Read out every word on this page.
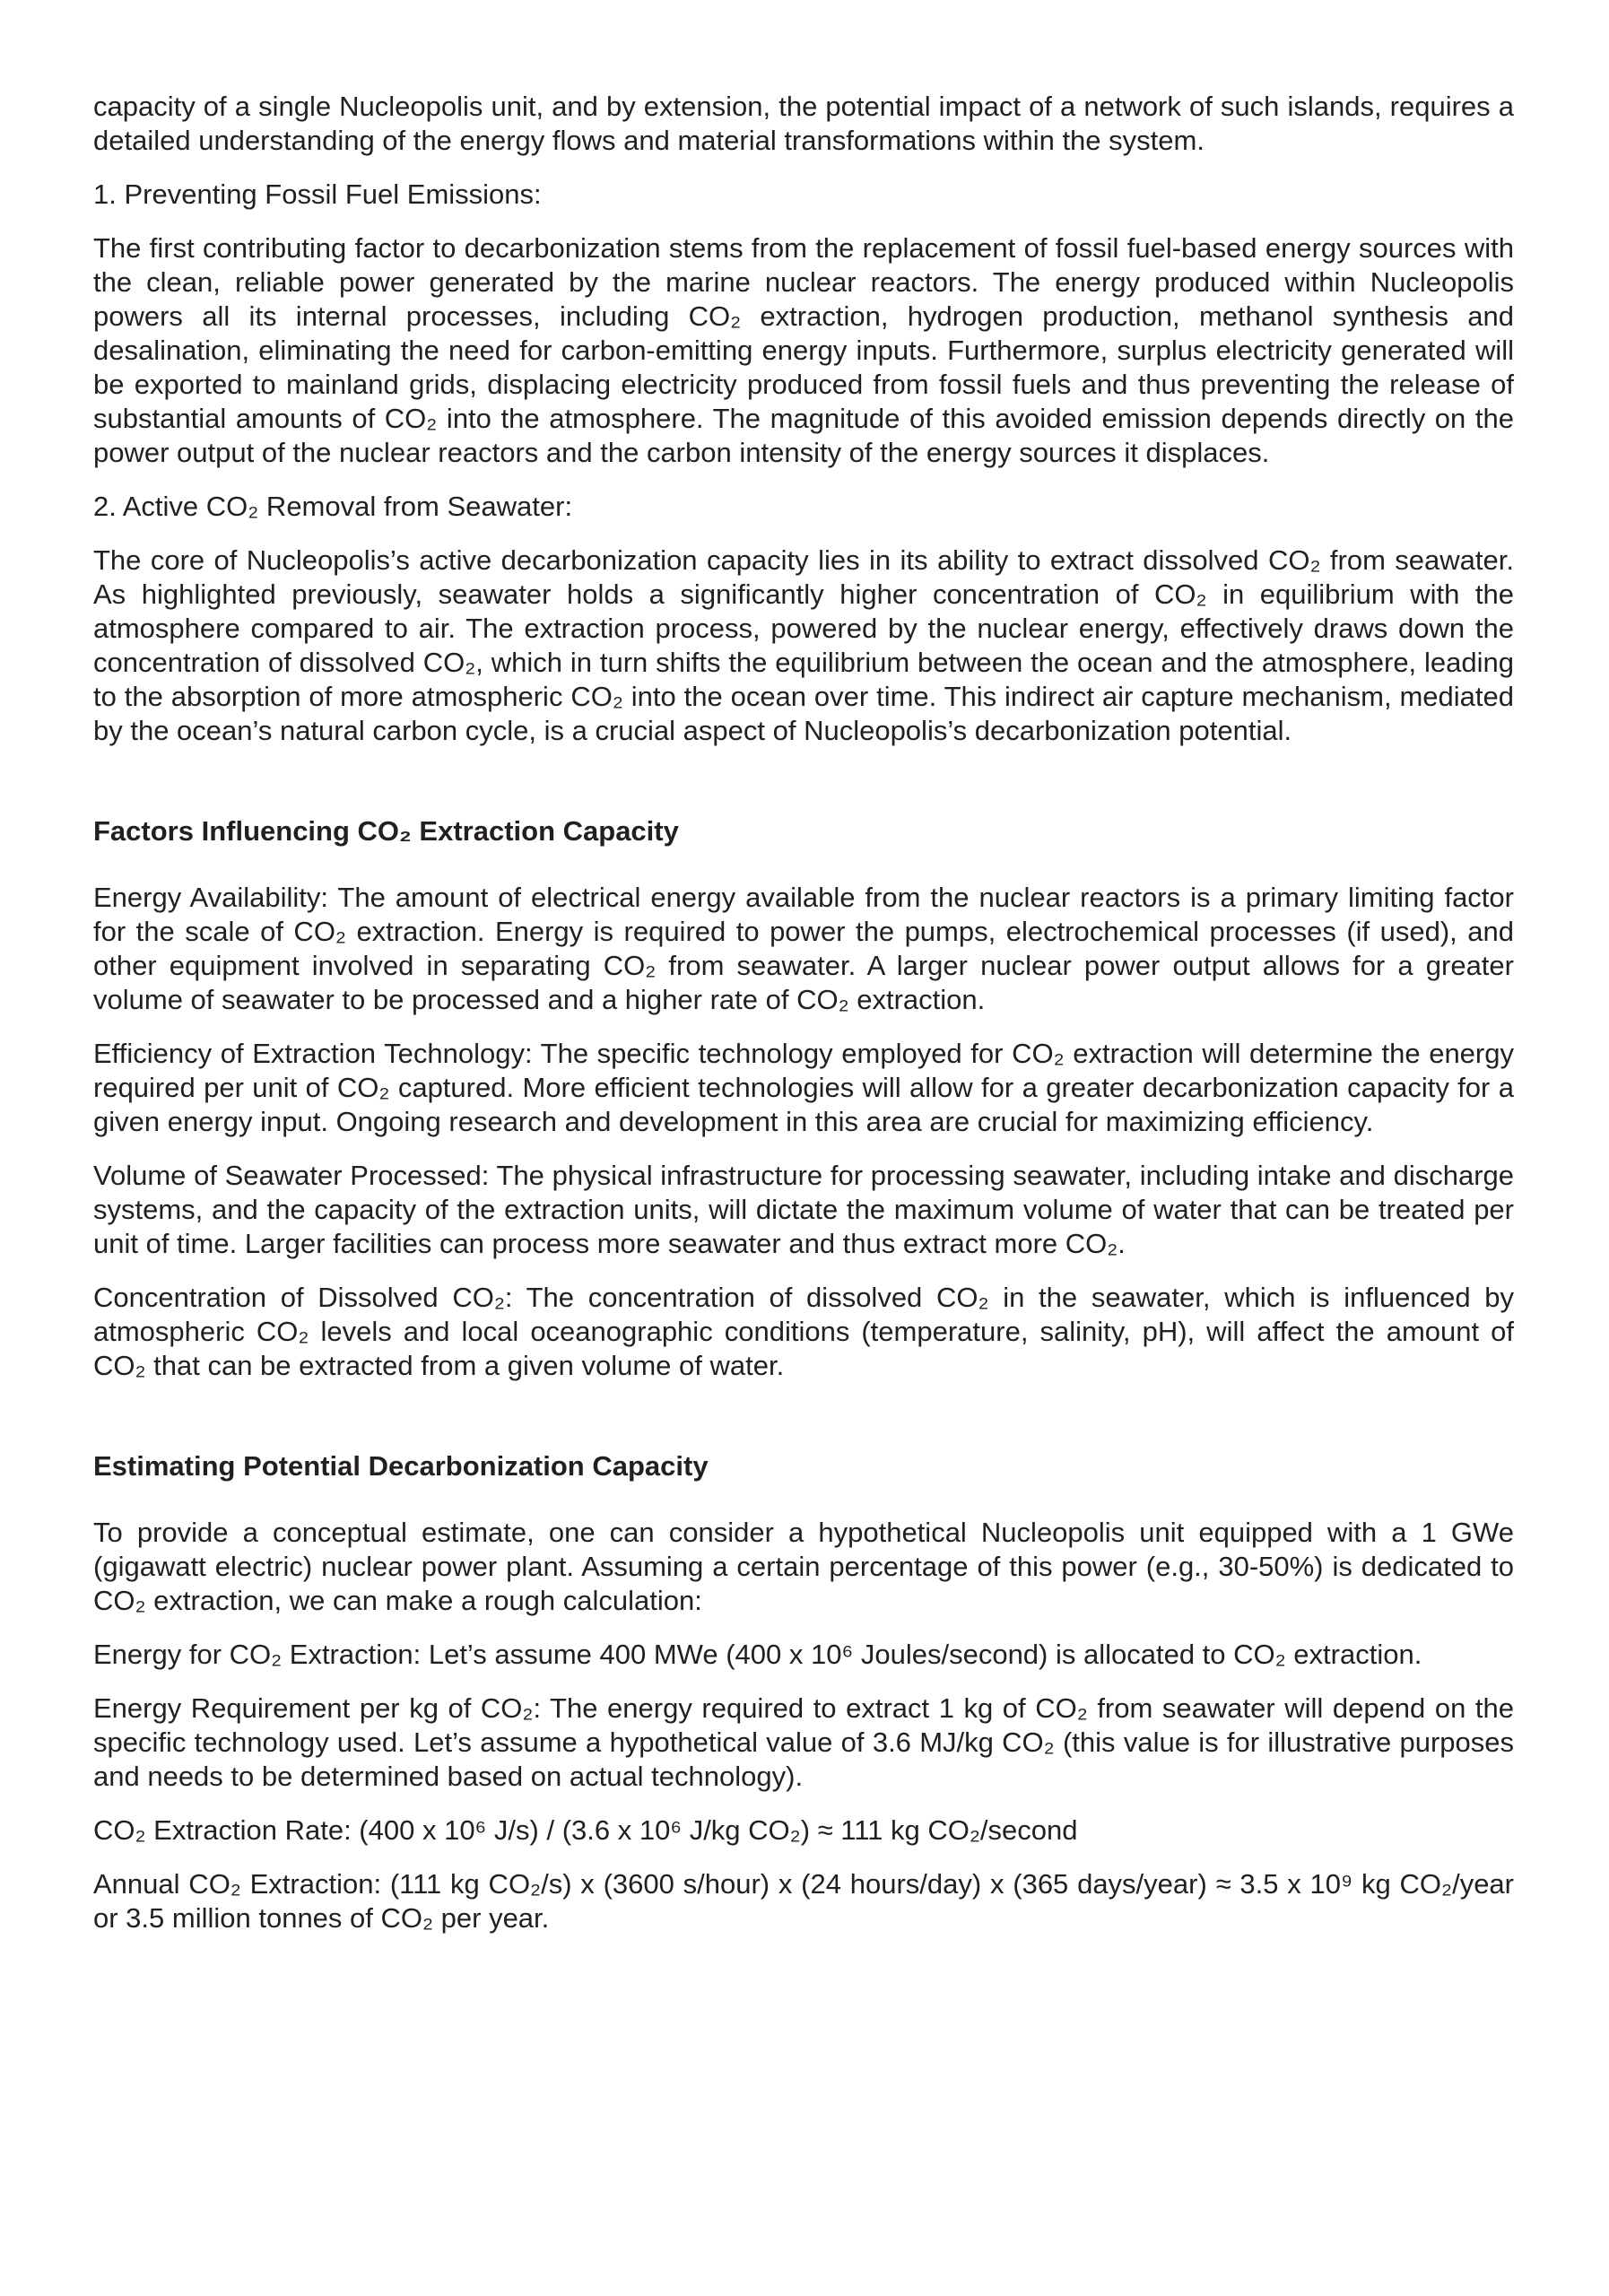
capacity of a single Nucleopolis unit, and by extension, the potential impact of a network of such islands, requires a detailed understanding of the energy flows and material transformations within the system.

1. Preventing Fossil Fuel Emissions:

The first contributing factor to decarbonization stems from the replacement of fossil fuel-based energy sources with the clean, reliable power generated by the marine nuclear reactors. The energy produced within Nucleopolis powers all its internal processes, including CO₂ extraction, hydrogen production, methanol synthesis and desalination, eliminating the need for carbon-emitting energy inputs. Furthermore, surplus electricity generated will be exported to mainland grids, displacing electricity produced from fossil fuels and thus preventing the release of substantial amounts of CO₂ into the atmosphere. The magnitude of this avoided emission depends directly on the power output of the nuclear reactors and the carbon intensity of the energy sources it displaces.

2. Active CO₂ Removal from Seawater:

The core of Nucleopolis’s active decarbonization capacity lies in its ability to extract dissolved CO₂ from seawater. As highlighted previously, seawater holds a significantly higher concentration of CO₂ in equilibrium with the atmosphere compared to air. The extraction process, powered by the nuclear energy, effectively draws down the concentration of dissolved CO₂, which in turn shifts the equilibrium between the ocean and the atmosphere, leading to the absorption of more atmospheric CO₂ into the ocean over time. This indirect air capture mechanism, mediated by the ocean’s natural carbon cycle, is a crucial aspect of Nucleopolis’s decarbonization potential.

Factors Influencing CO₂ Extraction Capacity

Energy Availability: The amount of electrical energy available from the nuclear reactors is a primary limiting factor for the scale of CO₂ extraction. Energy is required to power the pumps, electrochemical processes (if used), and other equipment involved in separating CO₂ from seawater. A larger nuclear power output allows for a greater volume of seawater to be processed and a higher rate of CO₂ extraction.

Efficiency of Extraction Technology: The specific technology employed for CO₂ extraction will determine the energy required per unit of CO₂ captured. More efficient technologies will allow for a greater decarbonization capacity for a given energy input. Ongoing research and development in this area are crucial for maximizing efficiency.

Volume of Seawater Processed: The physical infrastructure for processing seawater, including intake and discharge systems, and the capacity of the extraction units, will dictate the maximum volume of water that can be treated per unit of time. Larger facilities can process more seawater and thus extract more CO₂.

Concentration of Dissolved CO₂: The concentration of dissolved CO₂ in the seawater, which is influenced by atmospheric CO₂ levels and local oceanographic conditions (temperature, salinity, pH), will affect the amount of CO₂ that can be extracted from a given volume of water.

Estimating Potential Decarbonization Capacity

To provide a conceptual estimate, one can consider a hypothetical Nucleopolis unit equipped with a 1 GWe (gigawatt electric) nuclear power plant. Assuming a certain percentage of this power (e.g., 30-50%) is dedicated to CO₂ extraction, we can make a rough calculation:

Energy for CO₂ Extraction: Let’s assume 400 MWe (400 x 10⁶ Joules/second) is allocated to CO₂ extraction.

Energy Requirement per kg of CO₂: The energy required to extract 1 kg of CO₂ from seawater will depend on the specific technology used. Let’s assume a hypothetical value of 3.6 MJ/kg CO₂ (this value is for illustrative purposes and needs to be determined based on actual technology).

CO₂ Extraction Rate: (400 x 10⁶ J/s) / (3.6 x 10⁶ J/kg CO₂) ≈ 111 kg CO₂/second

Annual CO₂ Extraction: (111 kg CO₂/s) x (3600 s/hour) x (24 hours/day) x (365 days/year) ≈ 3.5 x 10⁹ kg CO₂/year or 3.5 million tonnes of CO₂ per year.
